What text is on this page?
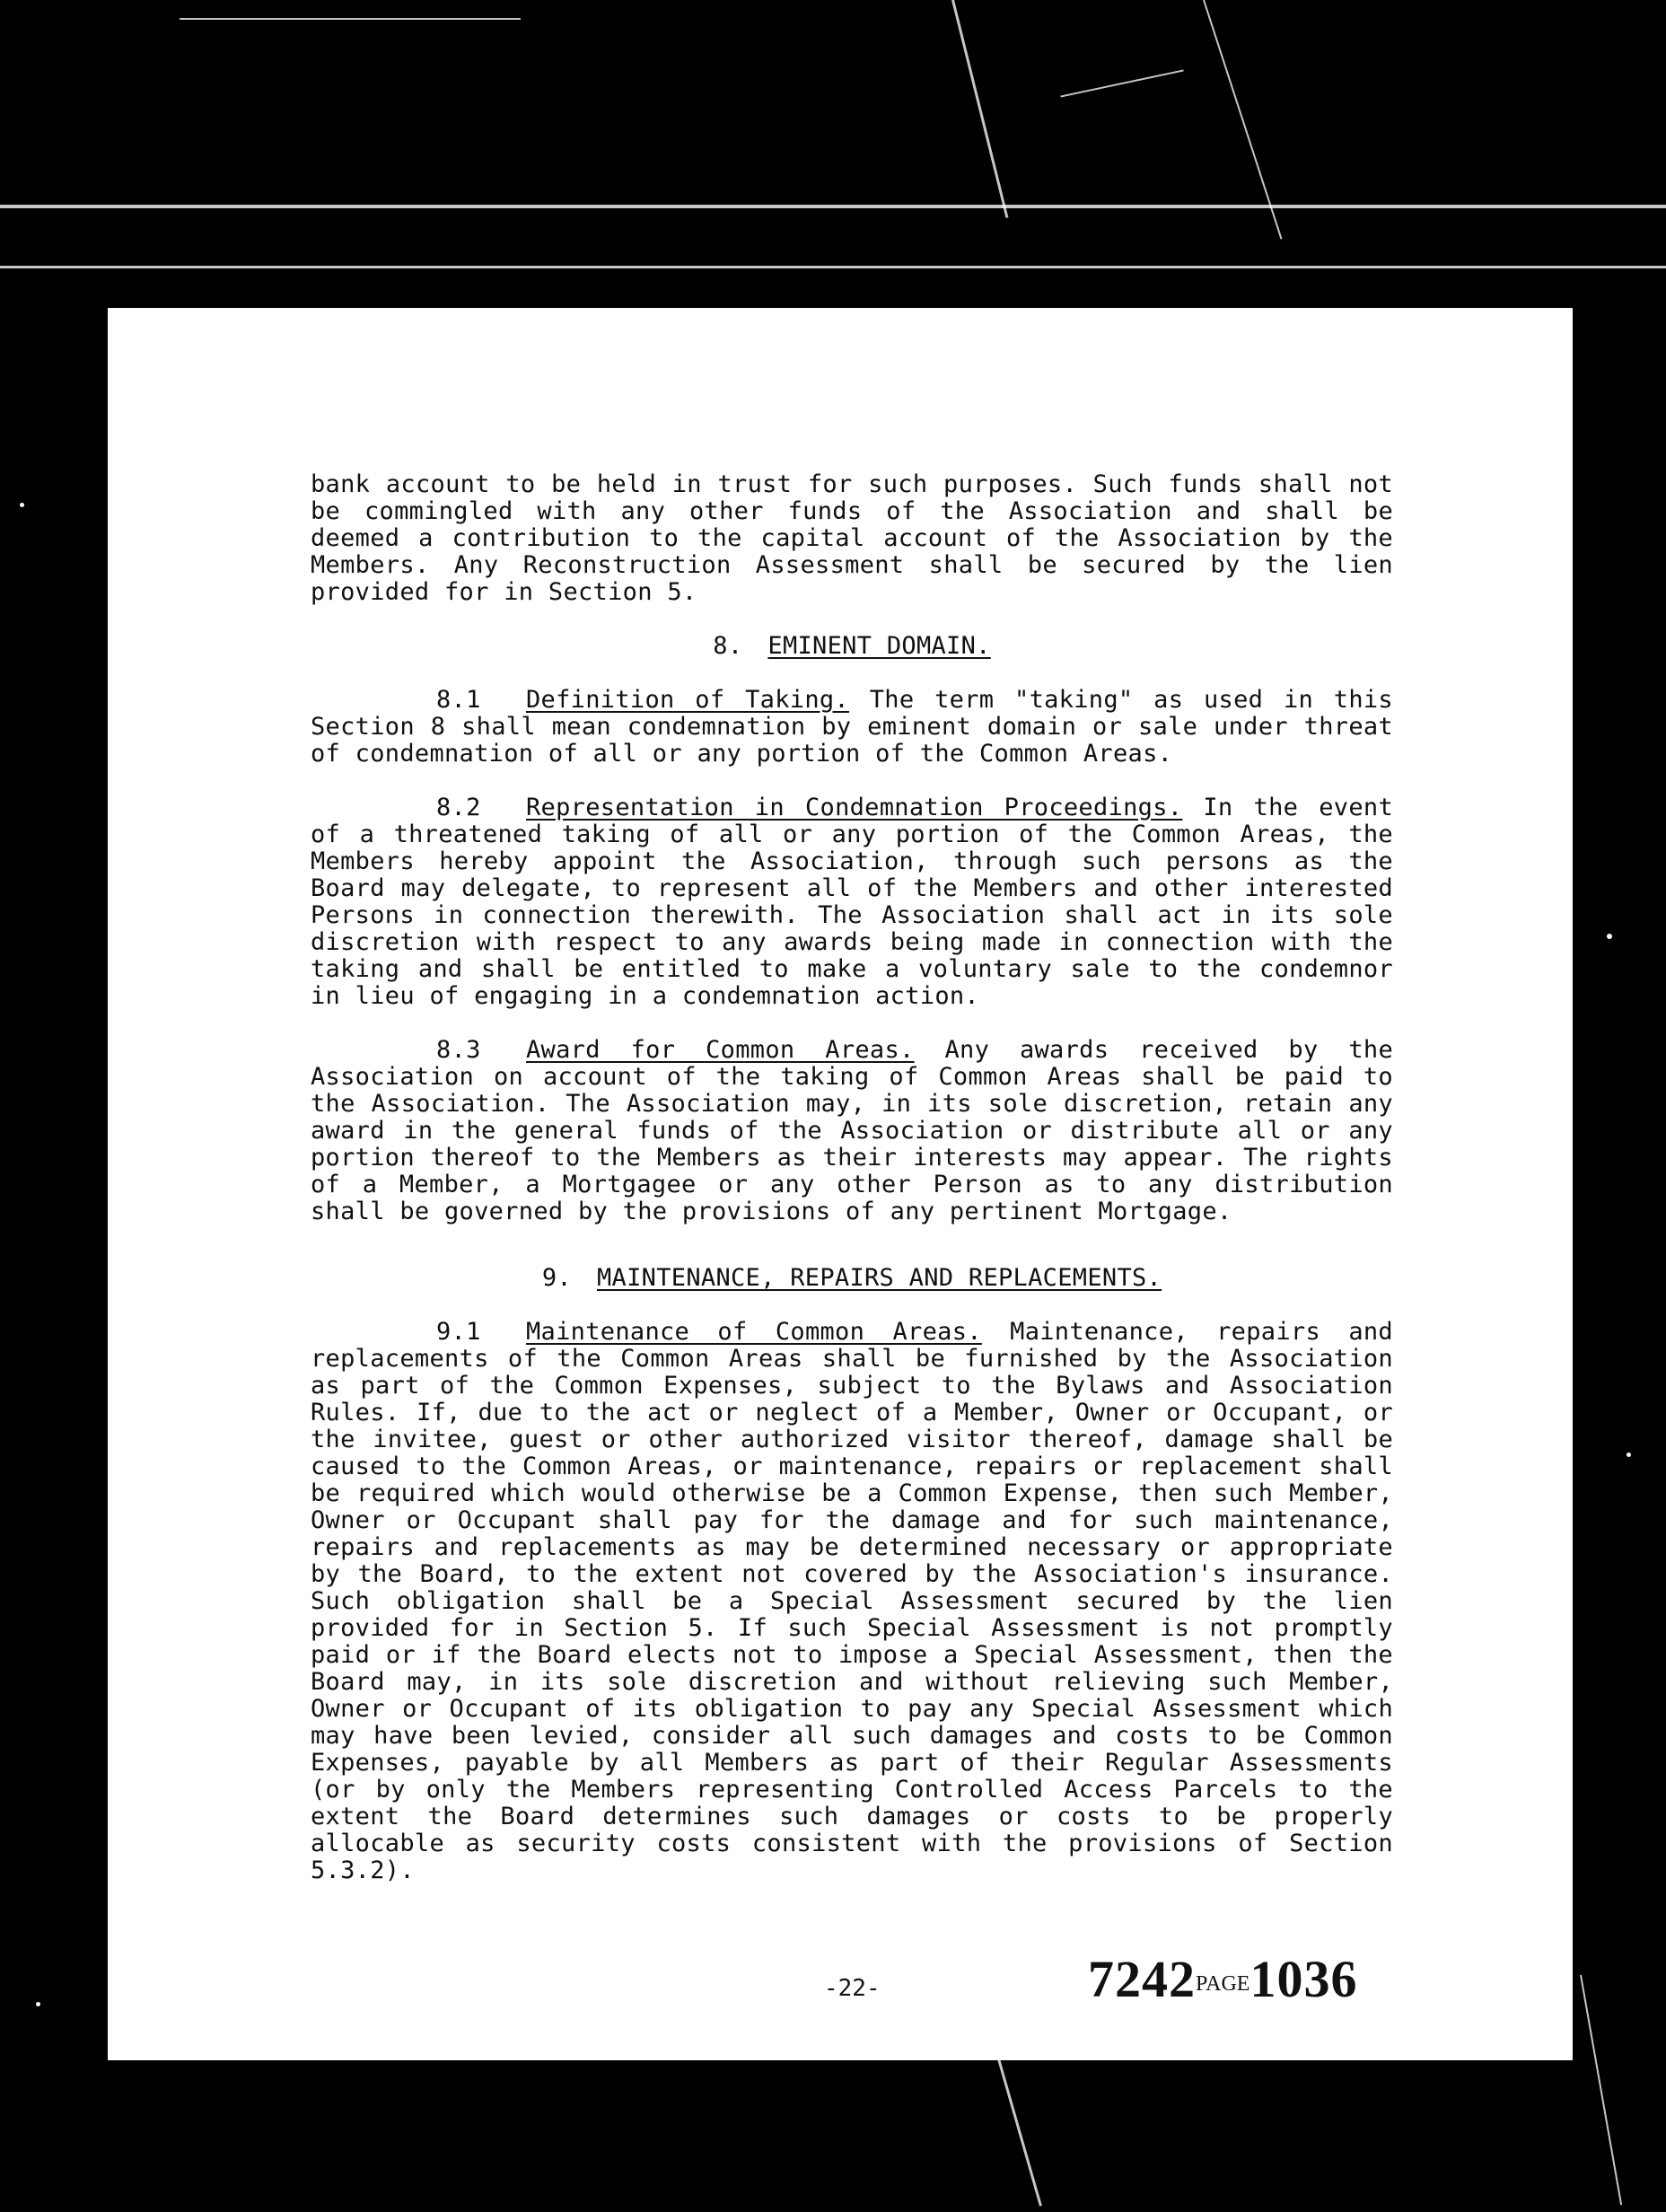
bank account to be held in trust for such purposes. Such funds shall not be commingled with any other funds of the Association and shall be deemed a contribution to the capital account of the Association by the Members. Any Reconstruction Assessment shall be secured by the lien provided for in Section 5.

8. EMINENT DOMAIN.

8.1 Definition of Taking. The term "taking" as used in this Section 8 shall mean condemnation by eminent domain or sale under threat of condemnation of all or any portion of the Common Areas.

8.2 Representation in Condemnation Proceedings. In the event of a threatened taking of all or any portion of the Common Areas, the Members hereby appoint the Association, through such persons as the Board may delegate, to represent all of the Members and other interested Persons in connection therewith. The Association shall act in its sole discretion with respect to any awards being made in connection with the taking and shall be entitled to make a voluntary sale to the condemnor in lieu of engaging in a condemnation action.

8.3 Award for Common Areas. Any awards received by the Association on account of the taking of Common Areas shall be paid to the Association. The Association may, in its sole discretion, retain any award in the general funds of the Association or distribute all or any portion thereof to the Members as their interests may appear. The rights of a Member, a Mortgagee or any other Person as to any distribution shall be governed by the provisions of any pertinent Mortgage.

9. MAINTENANCE, REPAIRS AND REPLACEMENTS.

9.1 Maintenance of Common Areas. Maintenance, repairs and replacements of the Common Areas shall be furnished by the Association as part of the Common Expenses, subject to the Bylaws and Association Rules. If, due to the act or neglect of a Member, Owner or Occupant, or the invitee, guest or other authorized visitor thereof, damage shall be caused to the Common Areas, or maintenance, repairs or replacement shall be required which would otherwise be a Common Expense, then such Member, Owner or Occupant shall pay for the damage and for such maintenance, repairs and replacements as may be determined necessary or appropriate by the Board, to the extent not covered by the Association's insurance. Such obligation shall be a Special Assessment secured by the lien provided for in Section 5. If such Special Assessment is not promptly paid or if the Board elects not to impose a Special Assessment, then the Board may, in its sole discretion and without relieving such Member, Owner or Occupant of its obligation to pay any Special Assessment which may have been levied, consider all such damages and costs to be Common Expenses, payable by all Members as part of their Regular Assessments (or by only the Members representing Controlled Access Parcels to the extent the Board determines such damages or costs to be properly allocable as security costs consistent with the provisions of Section 5.3.2).

-22-	7242PAGE1036
